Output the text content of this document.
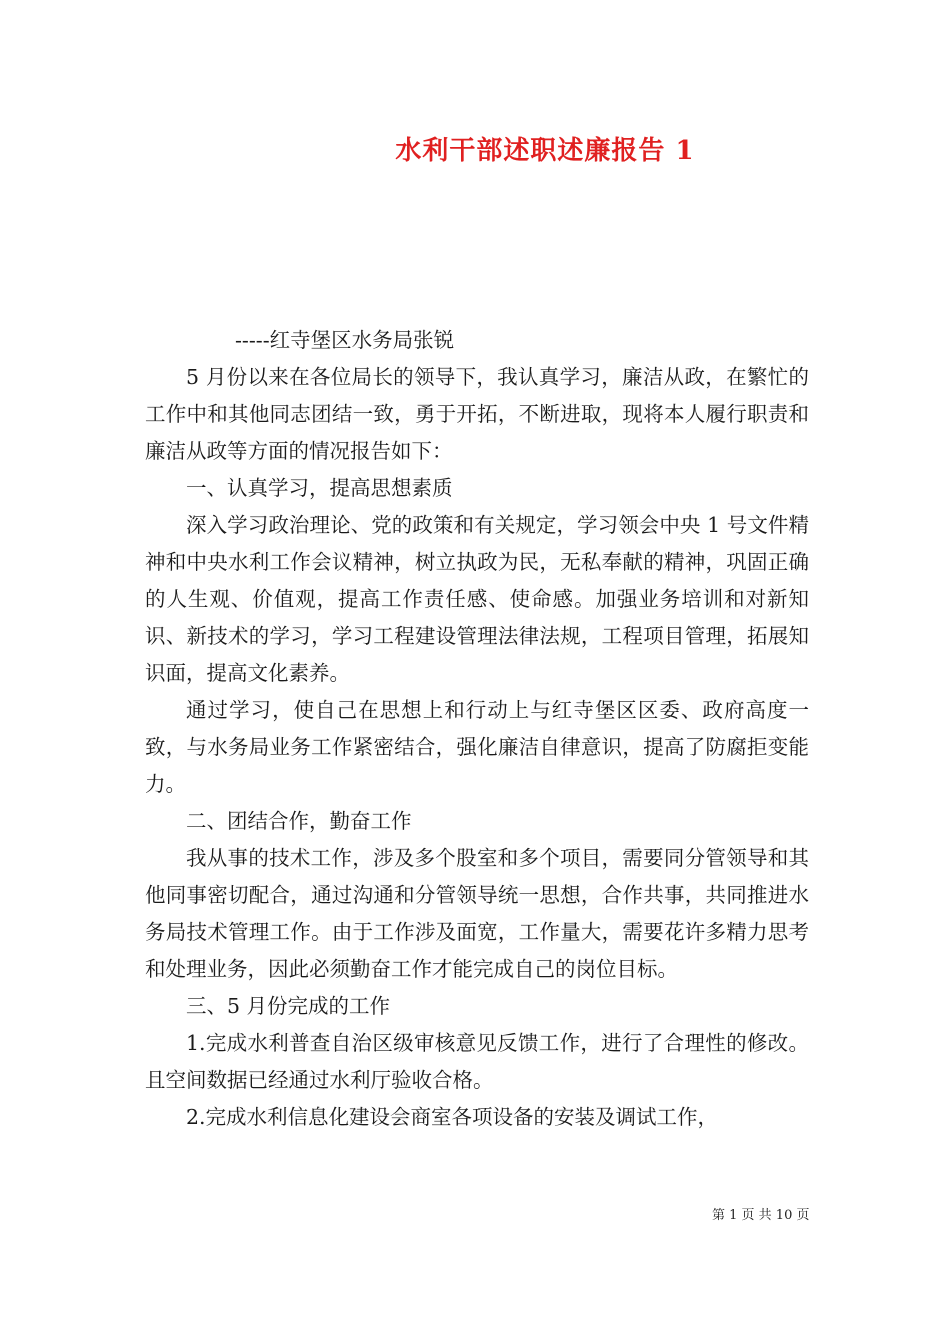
水利干部述职述廉报告 1

-----红寺堡区水务局张锐

5 月份以来在各位局长的领导下，我认真学习，廉洁从政，在繁忙的工作中和其他同志团结一致，勇于开拓，不断进取，现将本人履行职责和廉洁从政等方面的情况报告如下：

一、认真学习，提高思想素质

深入学习政治理论、党的政策和有关规定，学习领会中央 1 号文件精神和中央水利工作会议精神，树立执政为民，无私奉献的精神，巩固正确的人生观、价值观，提高工作责任感、使命感。加强业务培训和对新知识、新技术的学习，学习工程建设管理法律法规，工程项目管理，拓展知识面，提高文化素养。

通过学习，使自己在思想上和行动上与红寺堡区区委、政府高度一致，与水务局业务工作紧密结合，强化廉洁自律意识，提高了防腐拒变能力。

二、团结合作，勤奋工作

我从事的技术工作，涉及多个股室和多个项目，需要同分管领导和其他同事密切配合，通过沟通和分管领导统一思想，合作共事，共同推进水务局技术管理工作。由于工作涉及面宽，工作量大，需要花许多精力思考和处理业务，因此必须勤奋工作才能完成自己的岗位目标。

三、5 月份完成的工作

1.完成水利普查自治区级审核意见反馈工作，进行了合理性的修改。且空间数据已经通过水利厅验收合格。

2.完成水利信息化建设会商室各项设备的安装及调试工作，

第 1 页 共 10 页
